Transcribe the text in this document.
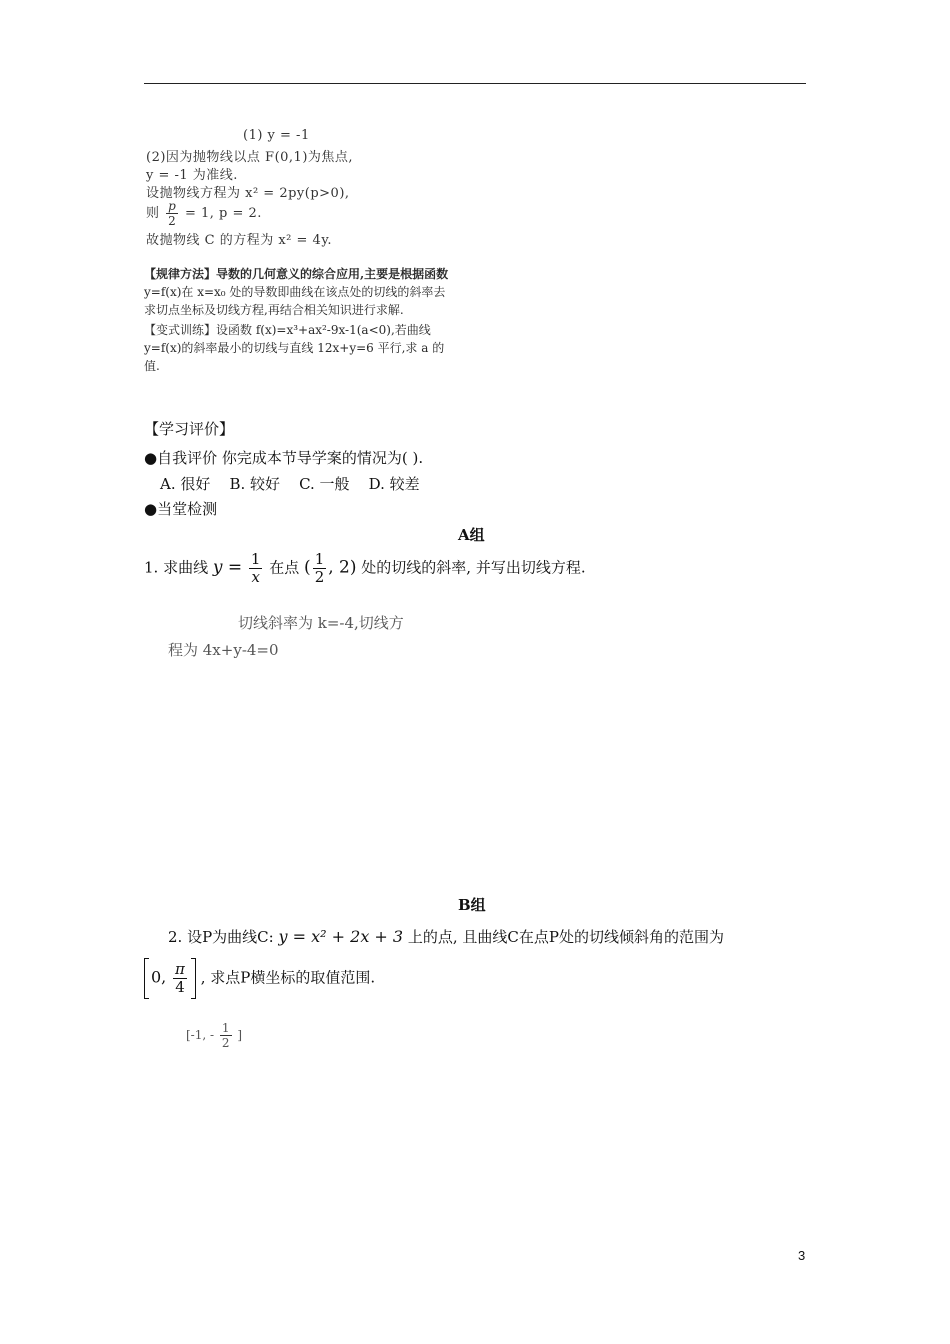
(1) y = -1
(2)因为抛物线以点 F(0,1)为焦点,
y = -1 为准线.
设抛物线方程为 x² = 2py(p>0),
则 $\frac{p}{2} = 1$, p = 2.
故抛物线 C 的方程为 x² = 4y.
【规律方法】导数的几何意义的综合应用,主要是根据函数
y=f(x)在 x=x₀ 处的导数即曲线在该点处的切线的斜率去
求切点坐标及切线方程,再结合相关知识进行求解.
【变式训练】设函数 f(x)=x³+ax²-9x-1(a<0),若曲线
y=f(x)的斜率最小的切线与直线 12x+y=6 平行,求 a 的
值.
【学习评价】
●自我评价 你完成本节导学案的情况为( ).
A. 很好    B. 较好    C. 一般    D. 较差
●当堂检测
A组
1. 求曲线 $y = \frac{1}{x}$ 在点 ( $\frac{1}{2}$ , 2) 处的切线的斜率, 并写出切线方程.
切线斜率为 k=-4,切线方
程为 4x+y-4=0
B组
2. 设P为曲线C: y = x² + 2x + 3 上的点, 且曲线C在点P处的切线倾斜角的范围为
0, $\frac{\pi}{4}$ , 求点P横坐标的取值范围.
[-1, - $\frac{1}{2}$ ]
3
